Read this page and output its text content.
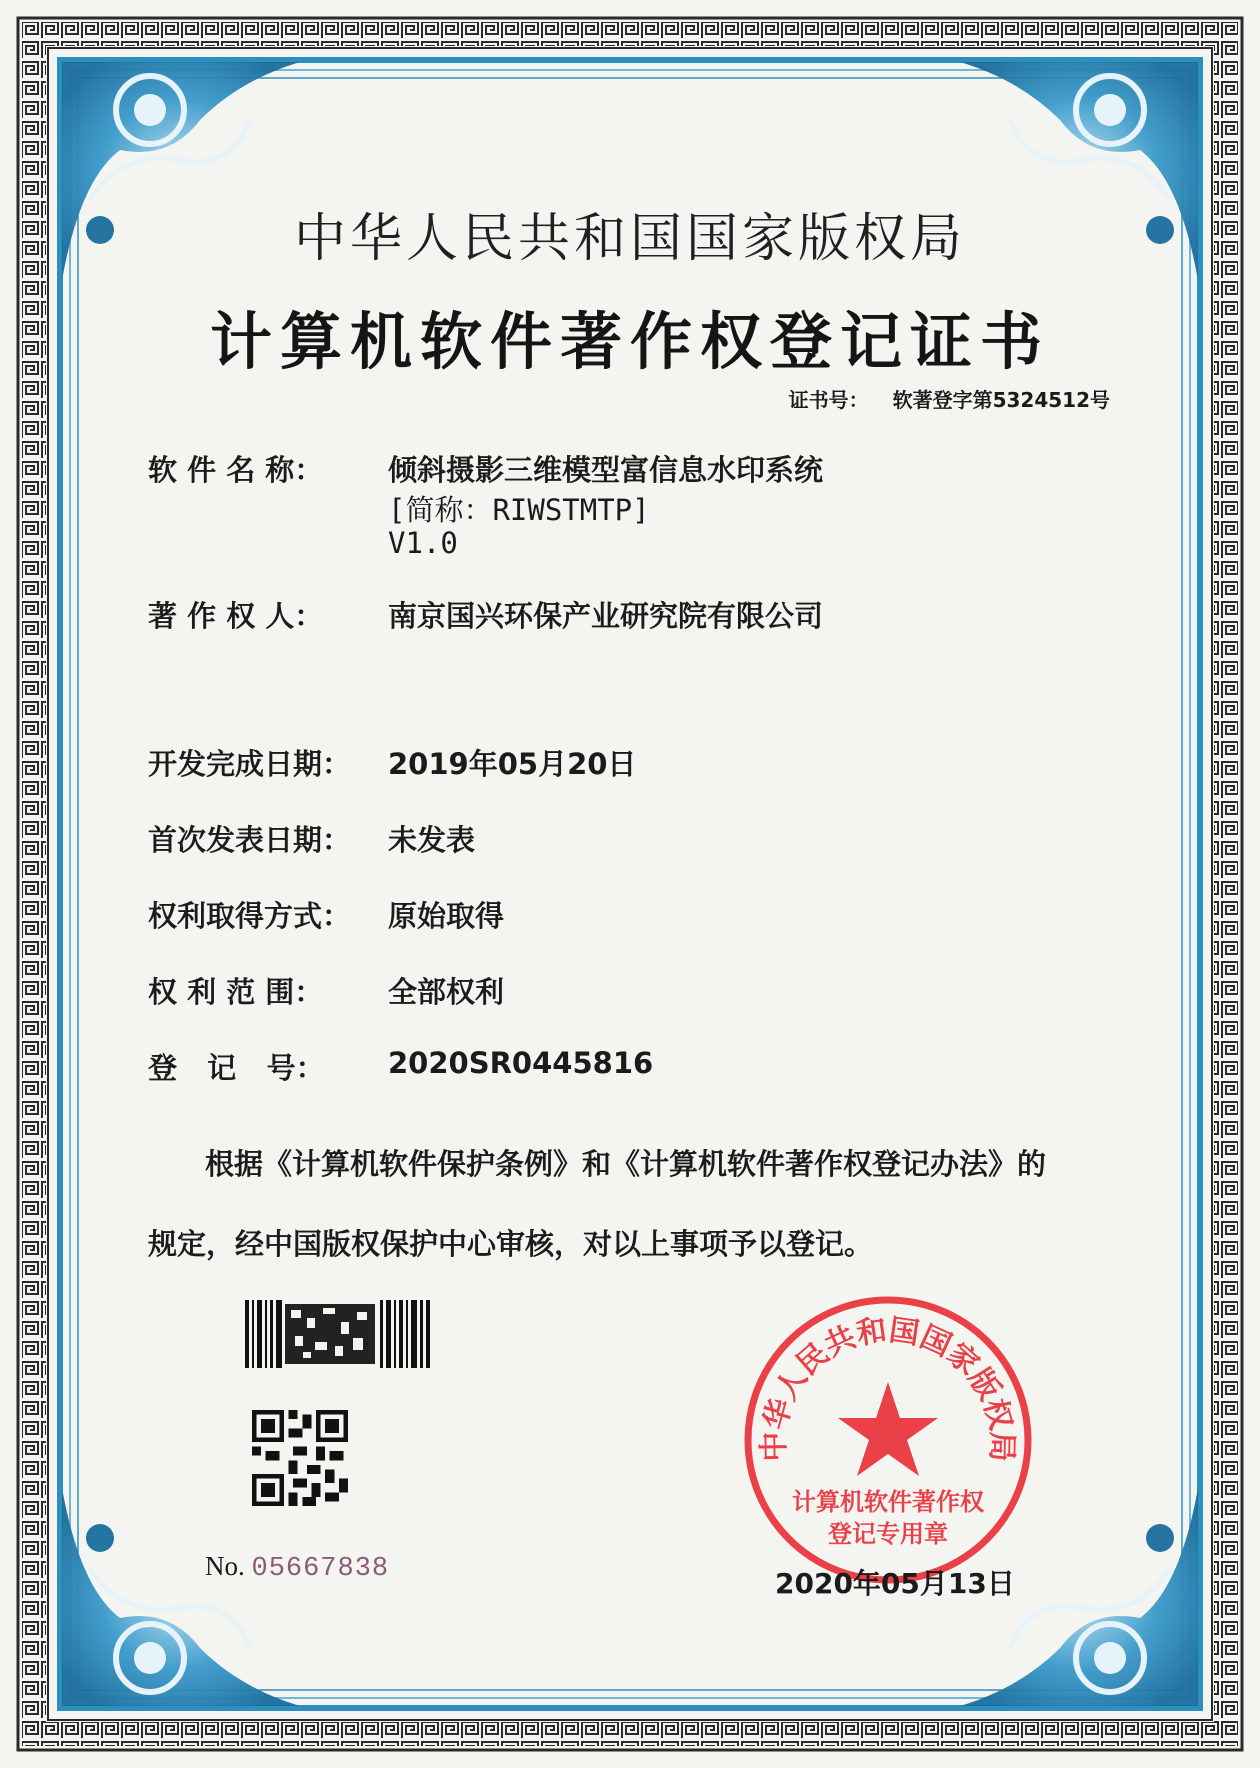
中华人民共和国国家版权局
计算机软件著作权登记证书
证书号： 软著登字第5324512号
软 件 名 称： 倾斜摄影三维模型富信息水印系统
[简称：RIWSTMTP]
V1.0
著 作 权 人： 南京国兴环保产业研究院有限公司
开发完成日期： 2019年05月20日
首次发表日期： 未发表
权利取得方式： 原始取得
权 利 范 围： 全部权利
登   记   号： 2020SR0445816
根据《计算机软件保护条例》和《计算机软件著作权登记办法》的
规定，经中国版权保护中心审核，对以上事项予以登记。
No. 05667838
中华人民共和国国家版权局
计算机软件著作权
登记专用章
2020年05月13日
